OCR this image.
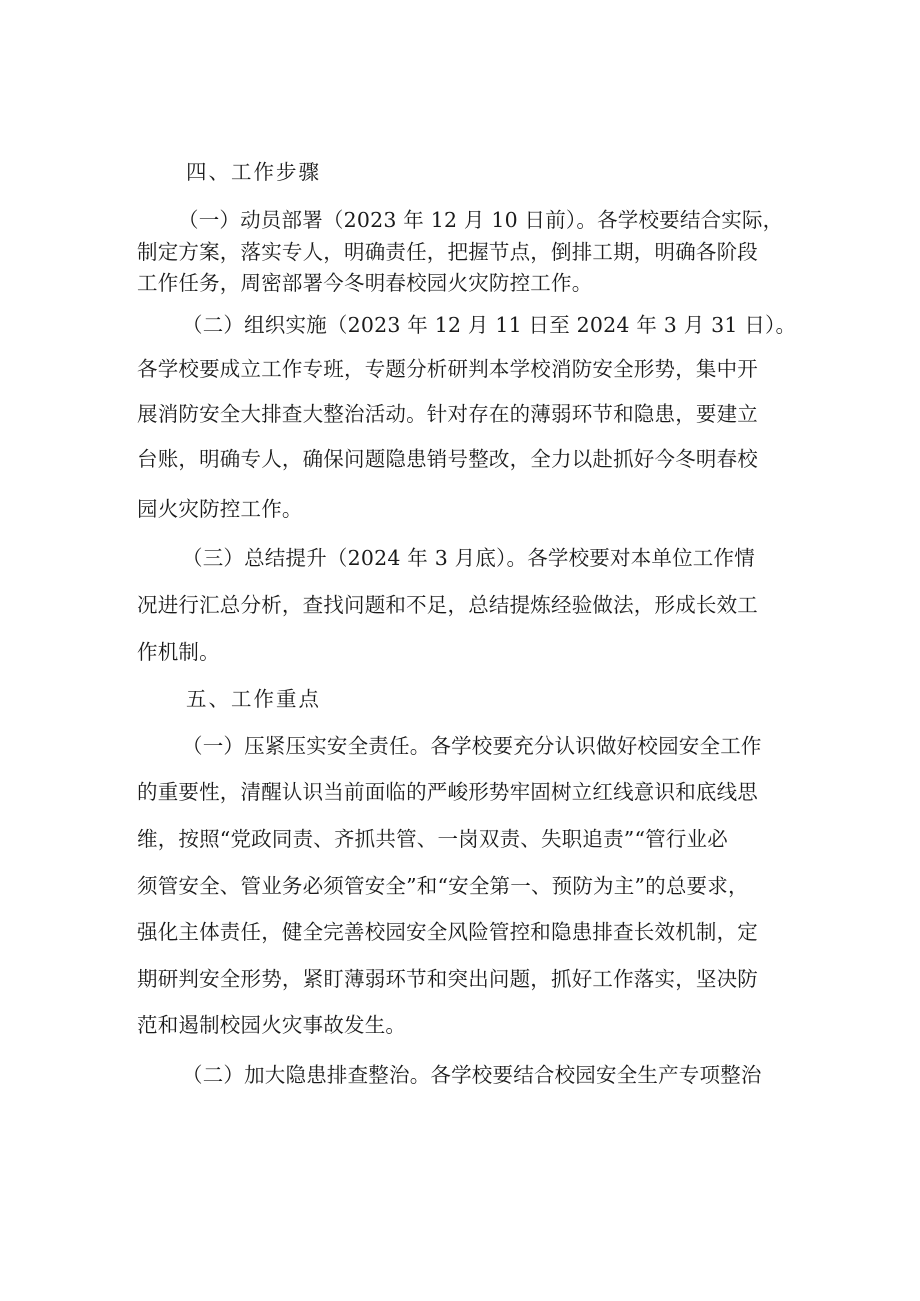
四、工作步骤
（一）动员部署（2023 年 12 月 10 日前）。各学校要结合实际，
制定方案，落实专人，明确责任，把握节点，倒排工期，明确各阶段
工作任务，周密部署今冬明春校园火灾防控工作。
（二）组织实施（2023 年 12 月 11 日至 2024 年 3 月 31 日）。
各学校要成立工作专班，专题分析研判本学校消防安全形势，集中开
展消防安全大排查大整治活动。针对存在的薄弱环节和隐患，要建立
台账，明确专人，确保问题隐患销号整改，全力以赴抓好今冬明春校
园火灾防控工作。
（三）总结提升（2024 年 3 月底）。各学校要对本单位工作情
况进行汇总分析，查找问题和不足，总结提炼经验做法，形成长效工
作机制。
五、工作重点
（一）压紧压实安全责任。各学校要充分认识做好校园安全工作
的重要性，清醒认识当前面临的严峻形势牢固树立红线意识和底线思
维，按照“党政同责、齐抓共管、一岗双责、失职追责”“管行业必
须管安全、管业务必须管安全”和“安全第一、预防为主”的总要求，
强化主体责任，健全完善校园安全风险管控和隐患排查长效机制，定
期研判安全形势，紧盯薄弱环节和突出问题，抓好工作落实，坚决防
范和遏制校园火灾事故发生。
（二）加大隐患排查整治。各学校要结合校园安全生产专项整治
